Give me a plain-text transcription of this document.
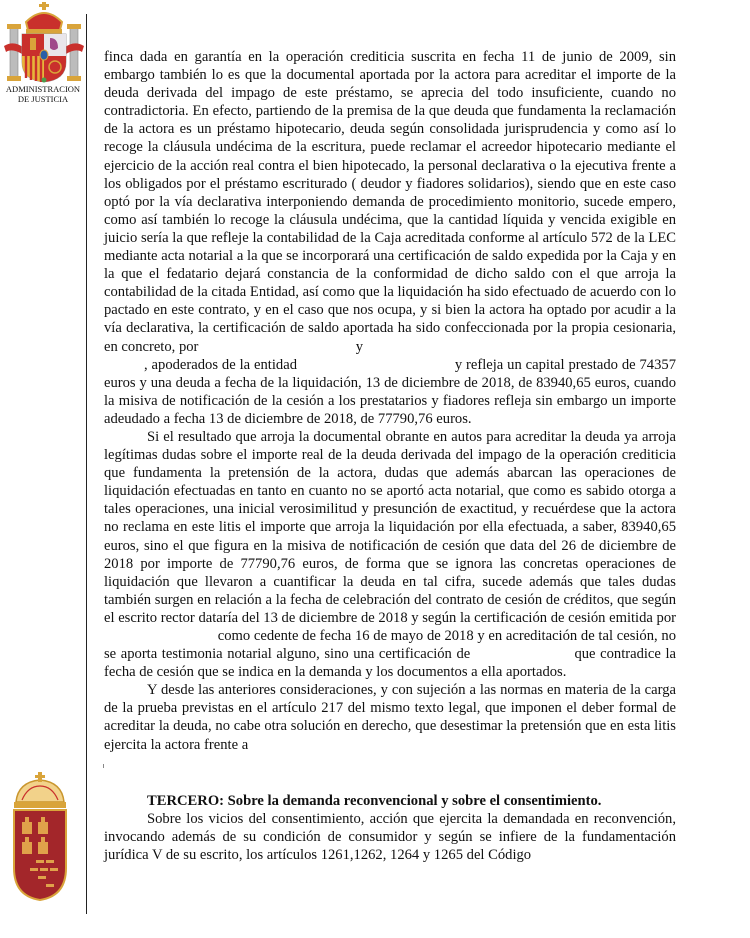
ADMINISTRACION
DE JUSTICIA

finca dada en garantía en la operación crediticia suscrita en fecha 11 de junio de 2009, sin embargo también lo es que la documental aportada por la actora para acreditar el importe de la deuda derivada del impago de este préstamo, se aprecia del todo insuficiente, cuando no contradictoria. En efecto, partiendo de la premisa de la que deuda que fundamenta la reclamación de la actora es un préstamo hipotecario, deuda según consolidada jurisprudencia y como así lo recoge la cláusula undécima de la escritura, puede reclamar el acreedor hipotecario mediante el ejercicio de la acción real contra el bien hipotecado, la personal declarativa o la ejecutiva frente a los obligados por el préstamo escriturado ( deudor y fiadores solidarios), siendo que en este caso optó por la vía declarativa interponiendo demanda de procedimiento monitorio, sucede empero, como así también lo recoge la cláusula undécima, que la cantidad líquida y vencida exigible en juicio sería la que refleje la contabilidad de la Caja acreditada conforme al artículo 572 de la LEC mediante acta notarial a la que se incorporará una certificación de saldo expedida por la Caja y en la que el fedatario dejará constancia de la conformidad de dicho saldo con el que arroja la contabilidad de la citada Entidad, así como que la liquidación ha sido efectuado de acuerdo con lo pactado en este contrato, y en el caso que nos ocupa, y si bien la actora ha optado por acudir a la vía declarativa, la certificación de saldo aportada ha sido confeccionada por la propia cesionaria, en concreto, por	y
, apoderados de la entidad	y refleja un capital prestado de 74357 euros y una deuda a fecha de la liquidación, 13 de diciembre de 2018, de 83940,65 euros, cuando la misiva de notificación de la cesión a los prestatarios y fiadores refleja sin embargo un importe adeudado a fecha 13 de diciembre de 2018, de 77790,76 euros.

Si el resultado que arroja la documental obrante en autos para acreditar la deuda ya arroja legítimas dudas sobre el importe real de la deuda derivada del impago de la operación crediticia que fundamenta la pretensión de la actora, dudas que además abarcan las operaciones de liquidación efectuadas en tanto en cuanto no se aportó acta notarial, que como es sabido otorga a tales operaciones, una inicial verosimilitud y presunción de exactitud, y recuérdese que la actora no reclama en este litis el importe que arroja la liquidación por ella efectuada, a saber, 83940,65 euros, sino el que figura en la misiva de notificación de cesión que data del 26 de diciembre de 2018 por importe de 77790,76 euros, de forma que se ignora las concretas operaciones de liquidación que llevaron a cuantificar la deuda en tal cifra, sucede además que tales dudas también surgen en relación a la fecha de celebración del contrato de cesión de créditos, que según el escrito rector dataría del 13 de diciembre de 2018 y según la certificación de cesión emitida por  como cedente de fecha 16 de mayo de 2018 y en acreditación de tal cesión, no se aporta testimonia notarial alguno, sino una certificación de	que contradice la fecha de cesión que se indica en la demanda y los documentos a ella aportados.

Y desde las anteriores consideraciones, y con sujeción a las normas en materia de la carga de la prueba previstas en el artículo 217 del mismo texto legal, que imponen el deber formal de acreditar la deuda, no cabe otra solución en derecho, que desestimar la pretensión que en esta litis ejercita la actora frente a

TERCERO: Sobre la demanda reconvencional y sobre el consentimiento.

Sobre los vicios del consentimiento, acción que ejercita la demandada en reconvención, invocando además de su condición de consumidor y según se infiere de la fundamentación jurídica V de su escrito, los artículos 1261,1262, 1264 y 1265 del Código
